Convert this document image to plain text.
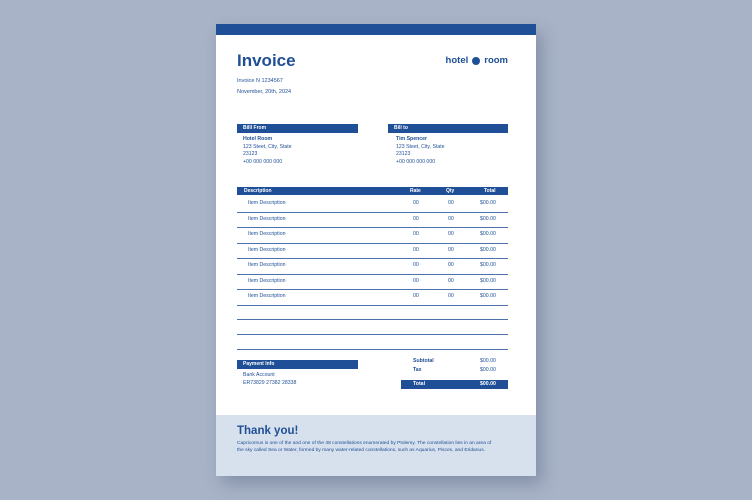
Invoice	hotel room
Invoice N 1234567
November, 20th, 2024
Billl From
Hotel Room
123 Steet, City, State
23123
+00 000 000 000
Bill to
Tim Spencer
123 Steet, City, State
23123
+00 000 000 000
Description	Rate	Qty	Total
Item Description	00	00	$00.00
Item Description	00	00	$00.00
Item Description	00	00	$00.00
Item Description	00	00	$00.00
Item Description	00	00	$00.00
Item Description	00	00	$00.00
Item Description	00	00	$00.00
Payment Info
Bank Account
ER73829 27382 28338
Subtotal	$00.00
Tax	$00.00
Total	$00.00
Thank you!
Capricornus is one of the and one of the 48 constellations enumerated by Ptolemy. The constellation lies in an area of the sky called Sea or Water, formed by many water-related constellations, such as Aquarius, Pisces, and Eridanus.
